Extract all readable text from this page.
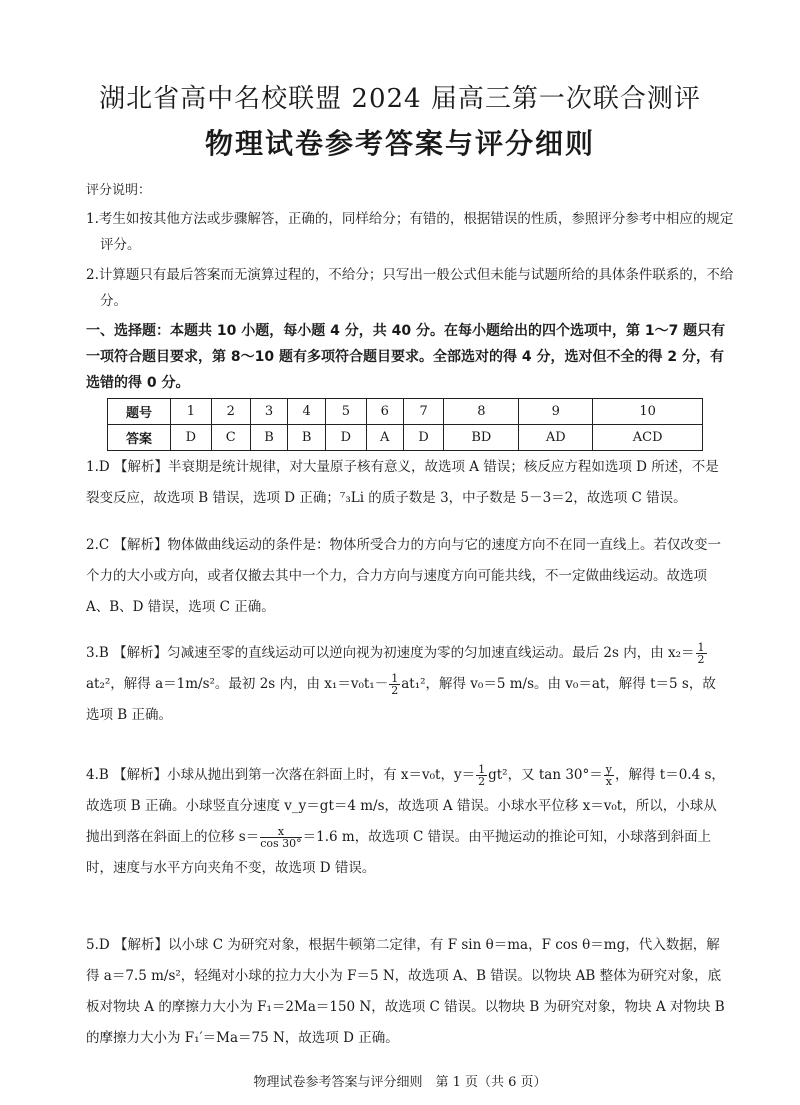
湖北省高中名校联盟 2024 届高三第一次联合测评
物理试卷参考答案与评分细则
评分说明：
1.考生如按其他方法或步骤解答，正确的，同样给分；有错的，根据错误的性质，参照评分参考中相应的规定评分。
2.计算题只有最后答案而无演算过程的，不给分；只写出一般公式但未能与试题所给的具体条件联系的，不给分。
一、选择题：本题共 10 小题，每小题 4 分，共 40 分。在每小题给出的四个选项中，第 1～7 题只有一项符合题目要求，第 8～10 题有多项符合题目要求。全部选对的得 4 分，选对但不全的得 2 分，有选错的得 0 分。
题号	1	2	3	4	5	6	7	8	9	10
答案	D	C	B	B	D	A	D	BD	AD	ACD
1.D 【解析】半衰期是统计规律，对大量原子核有意义，故选项 A 错误；核反应方程如选项 D 所述，不是裂变反应，故选项 B 错误，选项 D 正确；⁷₃Li 的质子数是 3，中子数是 5－3＝2，故选项 C 错误。
2.C 【解析】物体做曲线运动的条件是：物体所受合力的方向与它的速度方向不在同一直线上。若仅改变一个力的大小或方向，或者仅撤去其中一个力，合力方向与速度方向可能共线，不一定做曲线运动。故选项 A、B、D 错误，选项 C 正确。
3.B 【解析】匀减速至零的直线运动可以逆向视为初速度为零的匀加速直线运动。最后 2s 内，由 $x_2= \frac{1}{2}$
at₂²，解得 a＝1m/s²。最初 2s 内，由 $x_1=v_0t_1- \frac{1}{2} at_1^2$，解得 v₀＝5 m/s。由 v₀＝at，解得 t＝5 s，故选项 B 正确。
4.B 【解析】小球从抛出到第一次落在斜面上时，有 x＝v₀t，$y= \frac{1}{2} gt^2$，又 $\tan 30^\circ= \frac{y}{x}$ ，解得 t＝0.4 s，故选项 B 正确。小球竖直分速度 v_y＝gt＝4 m/s，故选项 A 错误。小球水平位移 x＝v₀t，所以，小球从抛出到落在斜面上的位移 $s= \frac{x}{\cos 30^\circ} =1.6$ m，故选项 C 错误。由平抛运动的推论可知，小球落到斜面上时，速度与水平方向夹角不变，故选项 D 错误。
5.D 【解析】以小球 C 为研究对象，根据牛顿第二定律，有 F sin θ＝ma，F cos θ＝mg，代入数据，解得 a＝7.5 m/s²，轻绳对小球的拉力大小为 F＝5 N，故选项 A、B 错误。以物块 AB 整体为研究对象，底板对物块 A 的摩擦力大小为 F₁＝2Ma＝150 N，故选项 C 错误。以物块 B 为研究对象，物块 A 对物块 B 的摩擦力大小为 F₁′＝Ma＝75 N，故选项 D 正确。
物理试卷参考答案与评分细则　第 1 页（共 6 页）
